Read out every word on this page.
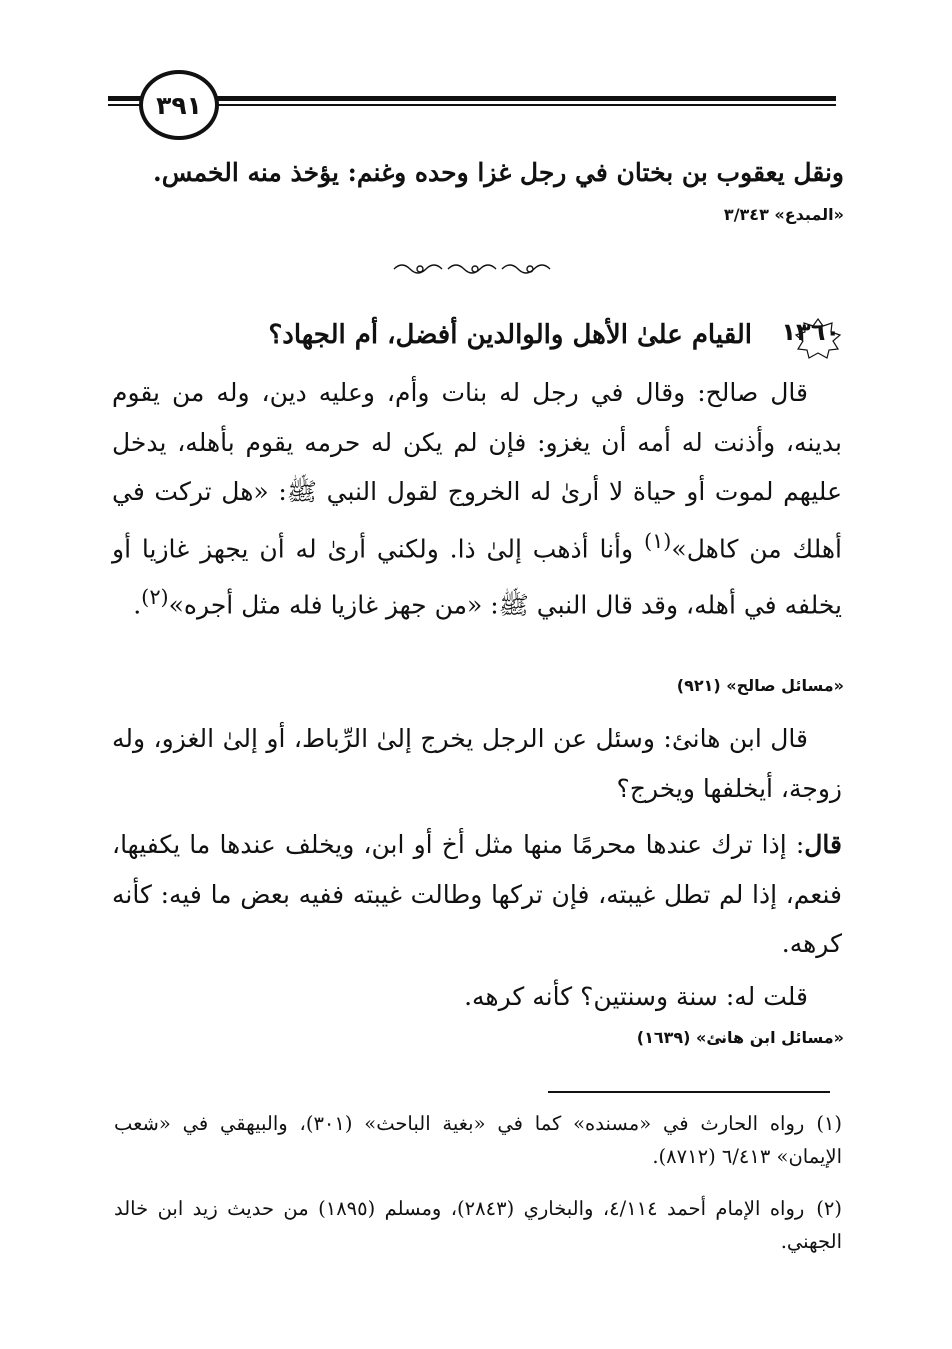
٣٩١
ونقل يعقوب بن بختان في رجل غزا وحده وغنم: يؤخذ منه الخمس.
«المبدع» ٣/٣٤٣
١٣٦٠
القيام علىٰ الأهل والوالدين أفضل، أم الجهاد؟
قال صالح: وقال في رجل له بنات وأم، وعليه دين، وله من يقوم بدينه، وأذنت له أمه أن يغزو: فإن لم يكن له حرمه يقوم بأهله، يدخل عليهم لموت أو حياة لا أرىٰ له الخروج لقول النبي ﷺ: «هل تركت في أهلك من كاهل»$^{(١)}$ وأنا أذهب إلىٰ ذا. ولكني أرىٰ له أن يجهز غازيا أو يخلفه في أهله، وقد قال النبي ﷺ: «من جهز غازيا فله مثل أجره»$^{(٢)}$.
«مسائل صالح» (٩٢١)
قال ابن هانئ: وسئل عن الرجل يخرج إلىٰ الرِّباط، أو إلىٰ الغزو، وله زوجة، أيخلفها ويخرج؟
قال: إذا ترك عندها محرمًا منها مثل أخ أو ابن، ويخلف عندها ما يكفيها، فنعم، إذا لم تطل غيبته، فإن تركها وطالت غيبته ففيه بعض ما فيه: كأنه كرهه.
قلت له: سنة وسنتين؟ كأنه كرهه.
«مسائل ابن هانئ» (١٦٣٩)
(١)رواه الحارث في «مسنده» كما في «بغية الباحث» (٣٠١)، والبيهقي في «شعب الإيمان» ٦/٤١٣ (٨٧١٢).
(٢)رواه الإمام أحمد ٤/١١٤، والبخاري (٢٨٤٣)، ومسلم (١٨٩٥) من حديث زيد ابن خالد الجهني.
